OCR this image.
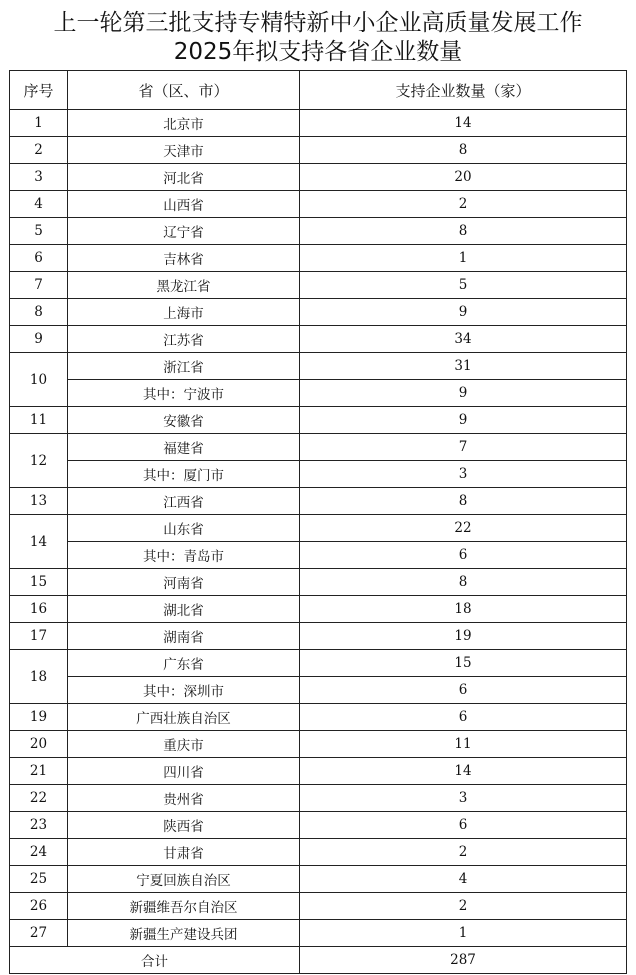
上一轮第三批支持专精特新中小企业高质量发展工作
2025年拟支持各省企业数量
序号	省（区、市）	支持企业数量（家）
1	北京市	14
2	天津市	8
3	河北省	20
4	山西省	2
5	辽宁省	8
6	吉林省	1
7	黑龙江省	5
8	上海市	9
9	江苏省	34
10	浙江省	31
	其中：宁波市	9
11	安徽省	9
12	福建省	7
	其中：厦门市	3
13	江西省	8
14	山东省	22
	其中：青岛市	6
15	河南省	8
16	湖北省	18
17	湖南省	19
18	广东省	15
	其中：深圳市	6
19	广西壮族自治区	6
20	重庆市	11
21	四川省	14
22	贵州省	3
23	陕西省	6
24	甘肃省	2
25	宁夏回族自治区	4
26	新疆维吾尔自治区	2
27	新疆生产建设兵团	1
合计		287
